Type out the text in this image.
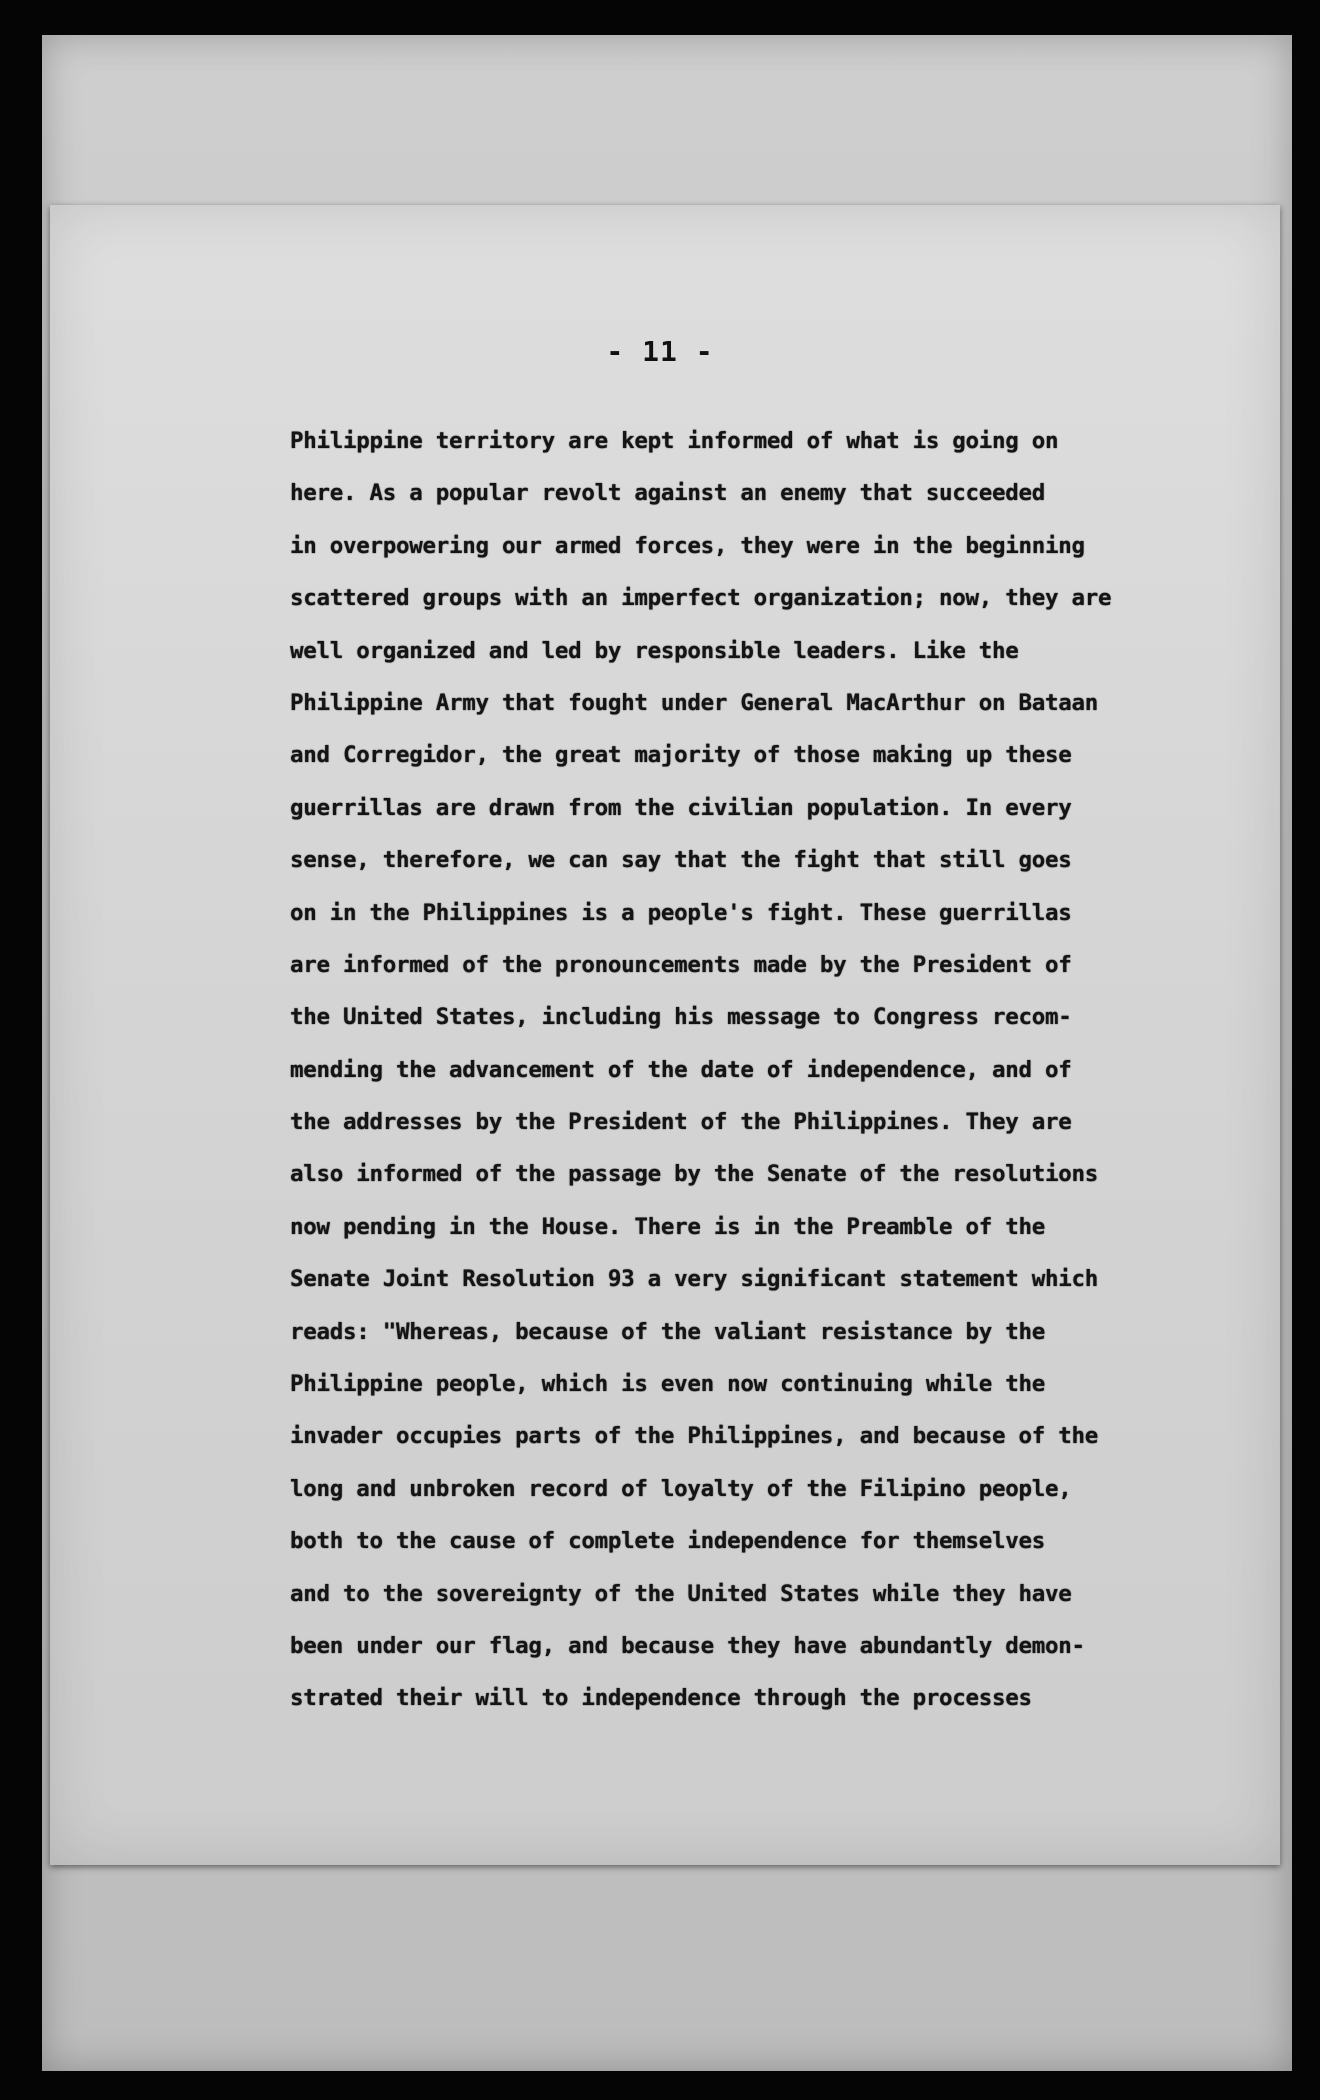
- 11 -
Philippine territory are kept informed of what is going on
here. As a popular revolt against an enemy that succeeded
in overpowering our armed forces, they were in the beginning
scattered groups with an imperfect organization; now, they are
well organized and led by responsible leaders. Like the
Philippine Army that fought under General MacArthur on Bataan
and Corregidor, the great majority of those making up these
guerrillas are drawn from the civilian population. In every
sense, therefore, we can say that the fight that still goes
on in the Philippines is a people's fight. These guerrillas
are informed of the pronouncements made by the President of
the United States, including his message to Congress recom-
mending the advancement of the date of independence, and of
the addresses by the President of the Philippines. They are
also informed of the passage by the Senate of the resolutions
now pending in the House. There is in the Preamble of the
Senate Joint Resolution 93 a very significant statement which
reads: "Whereas, because of the valiant resistance by the
Philippine people, which is even now continuing while the
invader occupies parts of the Philippines, and because of the
long and unbroken record of loyalty of the Filipino people,
both to the cause of complete independence for themselves
and to the sovereignty of the United States while they have
been under our flag, and because they have abundantly demon-
strated their will to independence through the processes
